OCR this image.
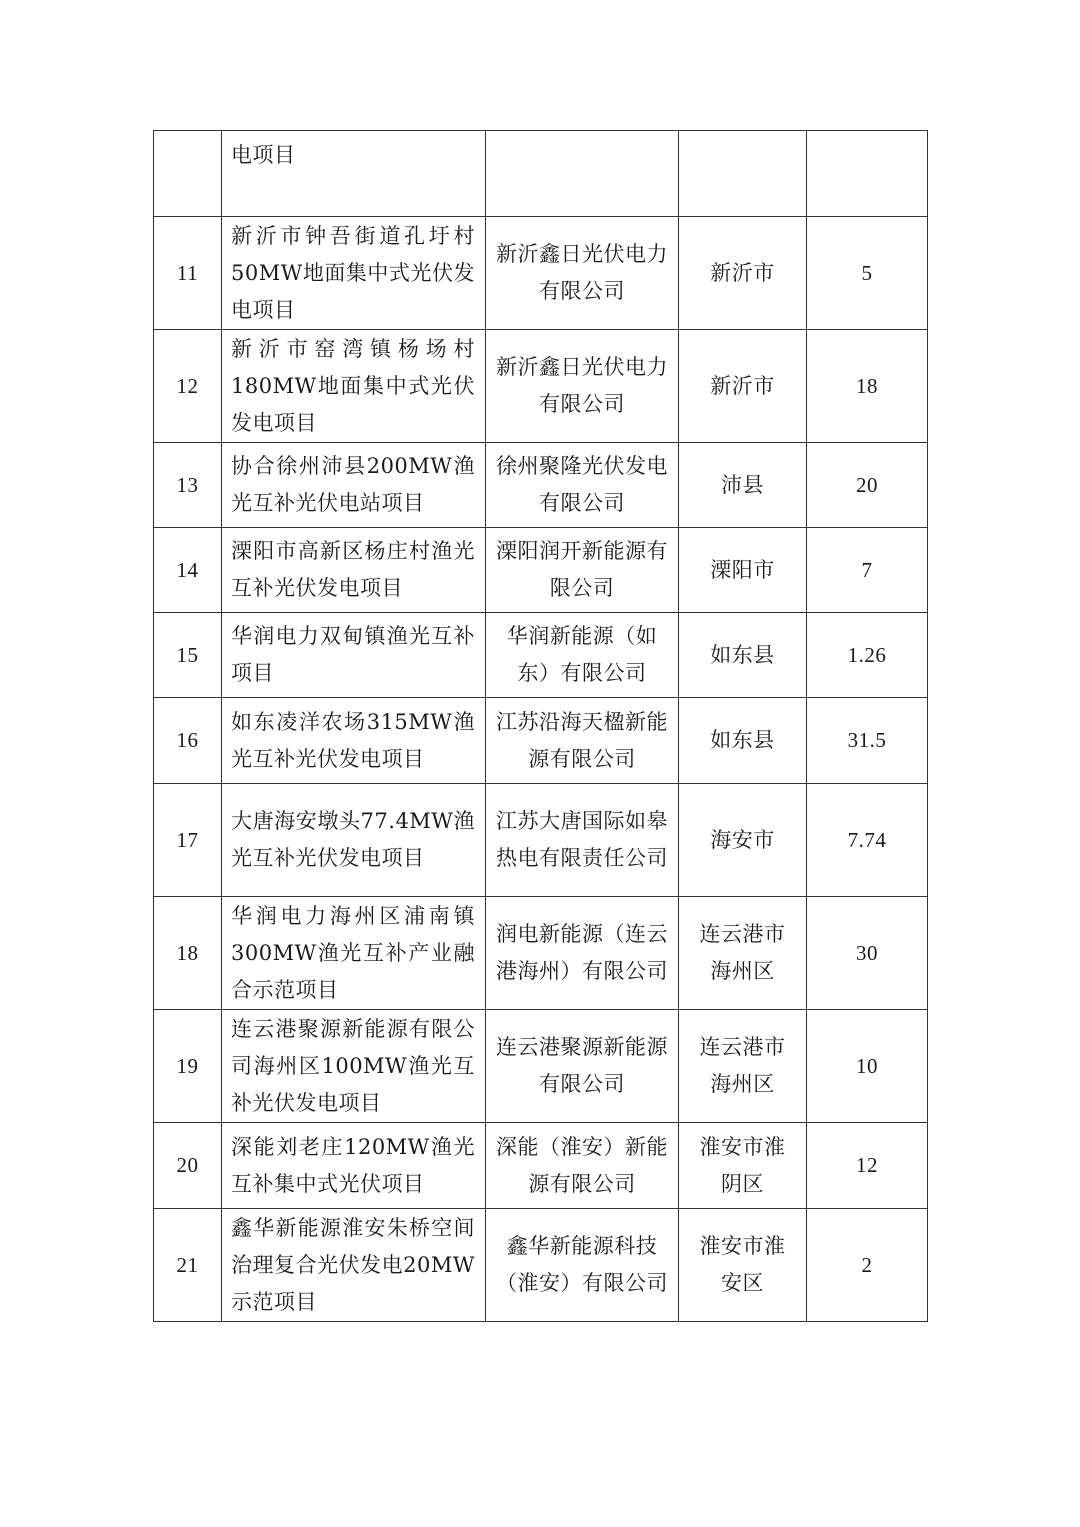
	电项目			
11	新沂市钟吾街道孔圩村50MW地面集中式光伏发电项目	新沂鑫日光伏电力有限公司	新沂市	5
12	新沂市窑湾镇杨场村180MW地面集中式光伏发电项目	新沂鑫日光伏电力有限公司	新沂市	18
13	协合徐州沛县200MW渔光互补光伏电站项目	徐州聚隆光伏发电有限公司	沛县	20
14	溧阳市高新区杨庄村渔光互补光伏发电项目	溧阳润开新能源有限公司	溧阳市	7
15	华润电力双甸镇渔光互补项目	华润新能源（如东）有限公司	如东县	1.26
16	如东凌洋农场315MW渔光互补光伏发电项目	江苏沿海天楹新能源有限公司	如东县	31.5
17	大唐海安墩头77.4MW渔光互补光伏发电项目	江苏大唐国际如皋热电有限责任公司	海安市	7.74
18	华润电力海州区浦南镇300MW渔光互补产业融合示范项目	润电新能源（连云港海州）有限公司	连云港市海州区	30
19	连云港聚源新能源有限公司海州区100MW渔光互补光伏发电项目	连云港聚源新能源有限公司	连云港市海州区	10
20	深能刘老庄120MW渔光互补集中式光伏项目	深能（淮安）新能源有限公司	淮安市淮阴区	12
21	鑫华新能源淮安朱桥空间治理复合光伏发电20MW示范项目	鑫华新能源科技（淮安）有限公司	淮安市淮安区	2
